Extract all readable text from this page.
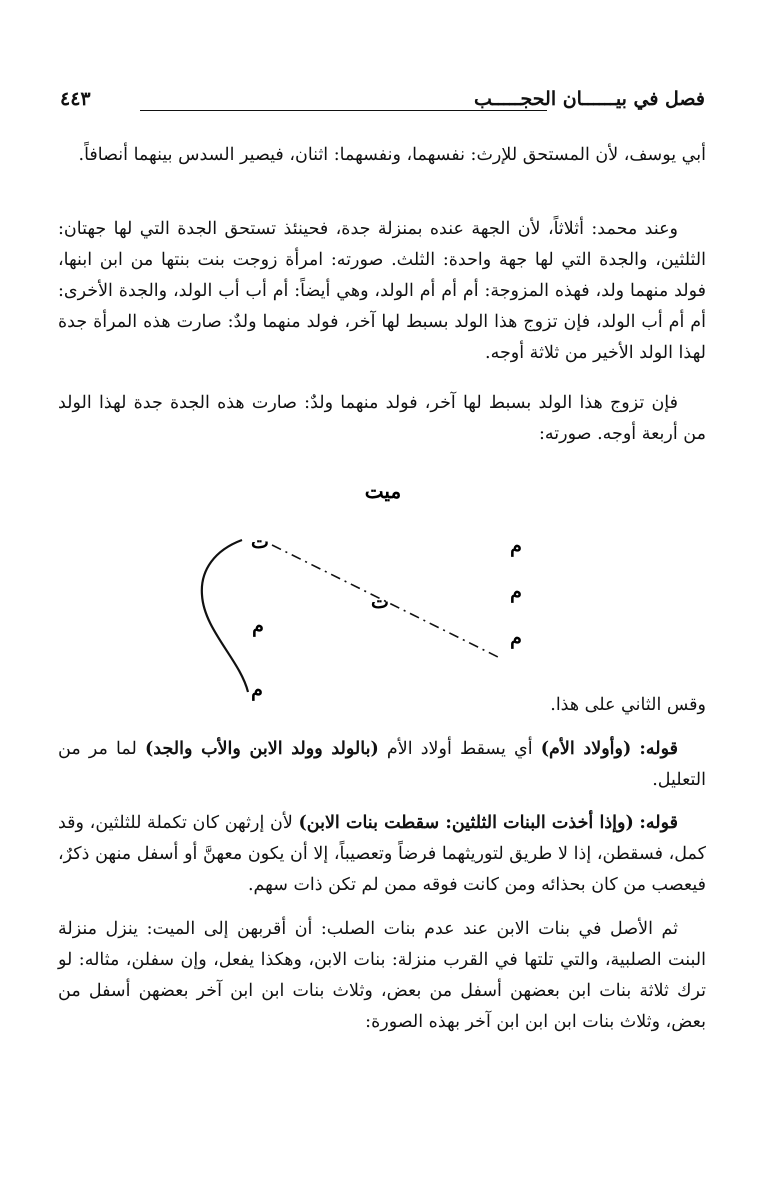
فصل في بيــــــان الحجـــــب
٤٤٣

أبي يوسف، لأن المستحق للإرث: نفسهما، ونفسهما: اثنان، فيصير السدس بينهما أنصافاً.

وعند محمد: أثلاثاً، لأن الجهة عنده بمنزلة جدة، فحينئذ تستحق الجدة التي لها جهتان: الثلثين، والجدة التي لها جهة واحدة: الثلث. صورته: امرأة زوجت بنت بنتها من ابن ابنها، فولد منهما ولد، فهذه المزوجة: أم أم أم الولد، وهي أيضاً: أم أب أب الولد، والجدة الأخرى: أم أم أب الولد، فإن تزوج هذا الولد بسبط لها آخر، فولد منهما ولدٌ: صارت هذه المرأة جدة لهذا الولد الأخير من ثلاثة أوجه.

فإن تزوج هذا الولد بسبط لها آخر، فولد منهما ولدٌ: صارت هذه الجدة جدة لهذا الولد من أربعة أوجه. صورته:

ميت
ت
ت
م
م
م
م
م

وقس الثاني على هذا.

قوله: (وأولاد الأم) أي يسقط أولاد الأم (بالولد وولد الابن والأب والجد) لما مر من التعليل.

قوله: (وإذا أخذت البنات الثلثين: سقطت بنات الابن) لأن إرثهن كان تكملة للثلثين، وقد كمل، فسقطن، إذا لا طريق لتوريثهما فرضاً وتعصيباً، إلا أن يكون معهنَّ أو أسفل منهن ذكرٌ، فيعصب من كان بحذائه ومن كانت فوقه ممن لم تكن ذات سهم.

ثم الأصل في بنات الابن عند عدم بنات الصلب: أن أقربهن إلى الميت: ينزل منزلة البنت الصلبية، والتي تلتها في القرب منزلة: بنات الابن، وهكذا يفعل، وإن سفلن، مثاله: لو ترك ثلاثة بنات ابن بعضهن أسفل من بعض، وثلاث بنات ابن ابن آخر بعضهن أسفل من بعض، وثلاث بنات ابن ابن ابن آخر بهذه الصورة:
